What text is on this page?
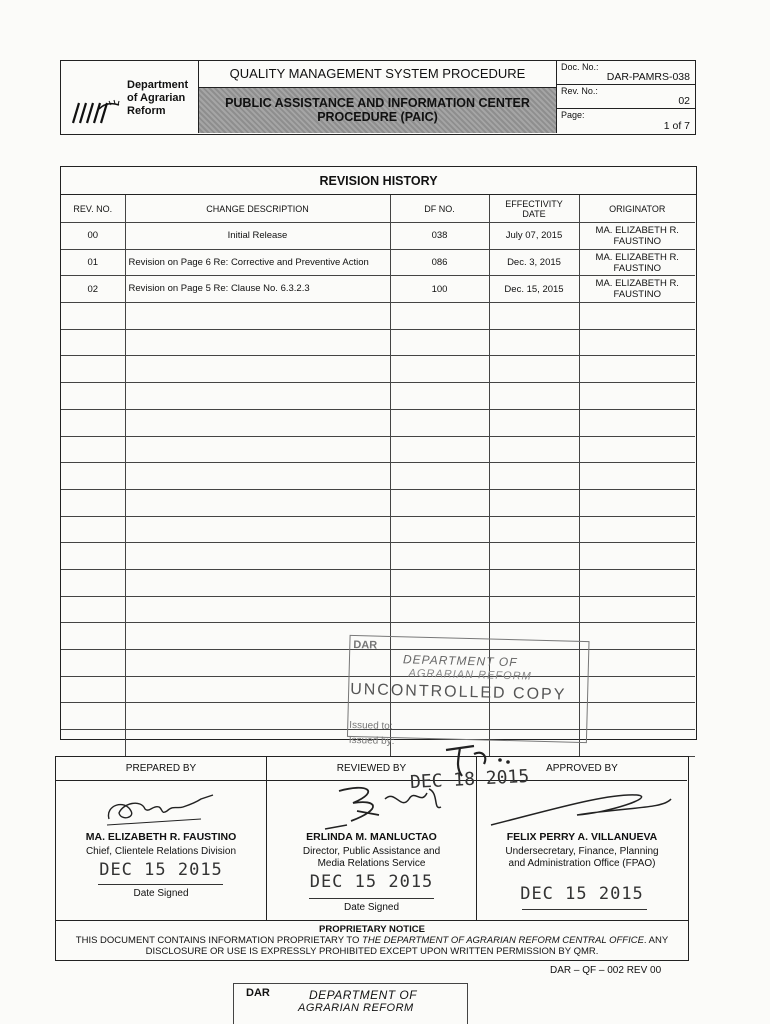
Department
of Agrarian
Reform
QUALITY MANAGEMENT SYSTEM PROCEDURE
PUBLIC ASSISTANCE AND INFORMATION CENTER
PROCEDURE (PAIC)
Doc. No.:
DAR-PAMRS-038
Rev. No.:
02
Page:
1 of 7
REVISION HISTORY
REV. NO.	CHANGE DESCRIPTION	DF NO.	EFFECTIVITY DATE	ORIGINATOR
00	Initial Release	038	July 07, 2015	MA. ELIZABETH R. FAUSTINO
01	Revision on Page 6 Re: Corrective and Preventive Action	086	Dec. 3, 2015	MA. ELIZABETH R. FAUSTINO
02	Revision on Page 5 Re: Clause No. 6.3.2.3	100	Dec. 15, 2015	MA. ELIZABETH R. FAUSTINO

DAR
DEPARTMENT OF
AGRARIAN REFORM
UNCONTROLLED COPY
Issued to:
Issued by:
PREPARED BY
MA. ELIZABETH R. FAUSTINO
Chief, Clientele Relations Division
DEC 15 2015
Date Signed
REVIEWED BY
ERLINDA M. MANLUCTAO
Director, Public Assistance and
Media Relations Service
DEC 15 2015
Date Signed
APPROVED BY
FELIX PERRY A. VILLANUEVA
Undersecretary, Finance, Planning
and Administration Office (FPAO)
DEC 15 2015
DEC 18 2015
PROPRIETARY NOTICE
THIS DOCUMENT CONTAINS INFORMATION PROPRIETARY TO THE DEPARTMENT OF AGRARIAN REFORM CENTRAL OFFICE. ANY DISCLOSURE OR USE IS EXPRESSLY PROHIBITED EXCEPT UPON WRITTEN PERMISSION BY QMR.
DAR – QF – 002 REV 00
DAR	DEPARTMENT OF
AGRARIAN REFORM
